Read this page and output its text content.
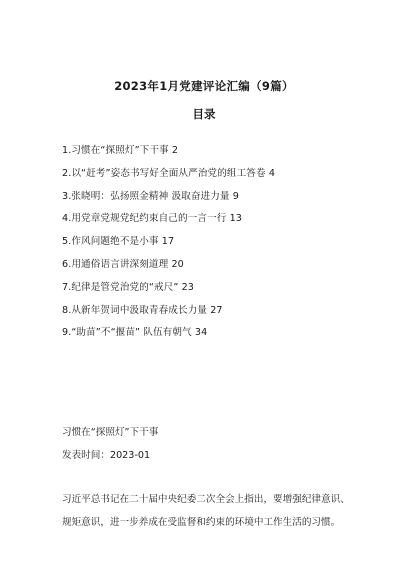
2023年1月党建评论汇编（9篇）
目录
1.习惯在“探照灯”下干事 2
2.以“赶考”姿态书写好全面从严治党的组工答卷 4
3.张晓明：弘扬照金精神 汲取奋进力量 9
4.用党章党规党纪约束自己的一言一行 13
5.作风问题绝不是小事 17
6.用通俗语言讲深刻道理 20
7.纪律是管党治党的“戒尺” 23
8.从新年贺词中汲取青春成长力量 27
9.“助苗”不“揠苗” 队伍有朝气 34
习惯在“探照灯”下干事
发表时间：2023-01

习近平总书记在二十届中央纪委二次全会上指出，要增强纪律意识、
规矩意识，进一步养成在受监督和约束的环境中工作生活的习惯。
